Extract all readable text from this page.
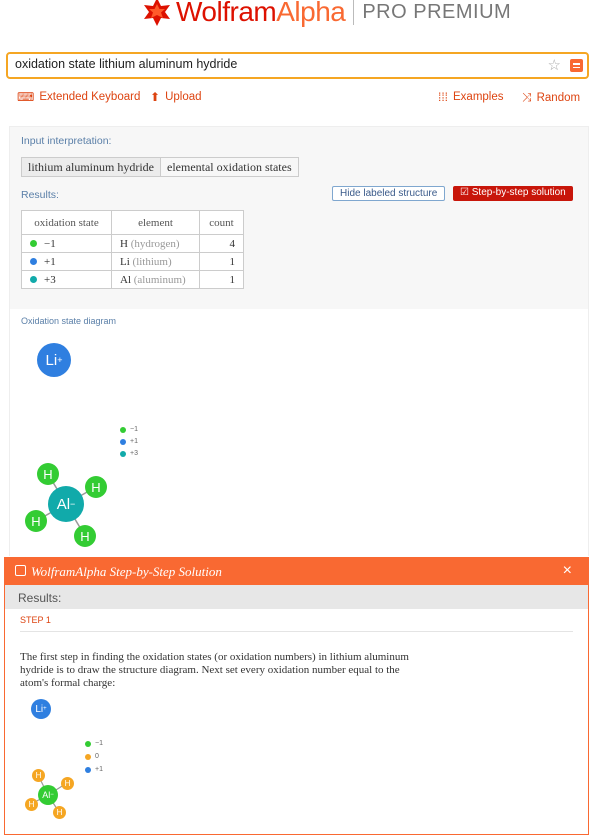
WolframAlpha PRO PREMIUM
oxidation state lithium aluminum hydride
☆
⌨ Extended Keyboard ⬆ Upload	⁞⁞⁞ Examples ⤨ Random
Input interpretation:
lithium aluminum hydride	elemental oxidation states
Results:	Hide labeled structure	☑ Step-by-step solution
oxidation state	element	count
−1	H (hydrogen)	4
+1	Li (lithium)	1
+3	Al (aluminum)	1
Oxidation state diagram
Li +
−1
+1
+3
Al −
H
H
H
H
WolframAlpha Step-by-Step Solution	×
Results:
STEP 1
The first step in finding the oxidation states (or oxidation numbers) in lithium aluminum hydride is to draw the structure diagram. Next set every oxidation number equal to the atom's formal charge:
Li +
−1
0
+1
Al −
H
H
H
H
